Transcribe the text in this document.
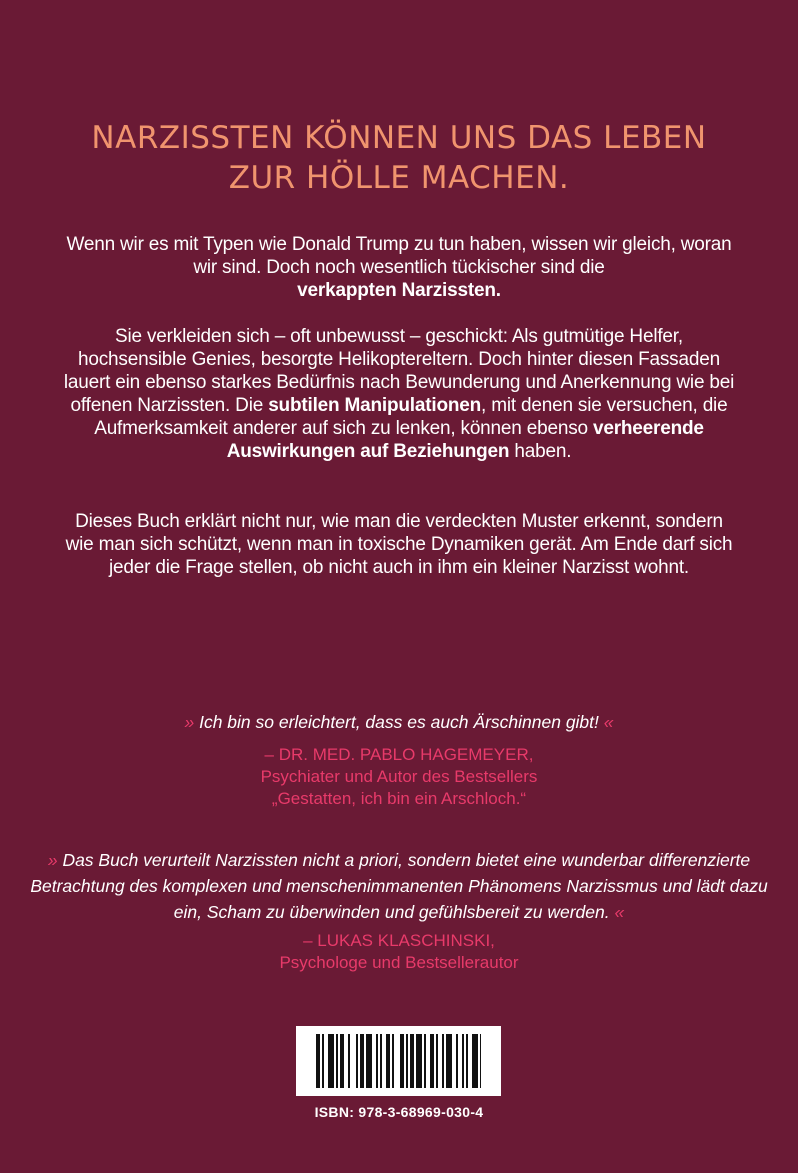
NARZISSTEN KÖNNEN UNS DAS LEBEN
ZUR HÖLLE MACHEN.
Wenn wir es mit Typen wie Donald Trump zu tun haben, wissen wir gleich, woran wir sind. Doch noch wesentlich tückischer sind die
verkappten Narzissten.
Sie verkleiden sich – oft unbewusst – geschickt: Als gutmütige Helfer, hochsensible Genies, besorgte Helikoptereltern. Doch hinter diesen Fassaden lauert ein ebenso starkes Bedürfnis nach Bewunderung und Anerkennung wie bei offenen Narzissten. Die subtilen Manipulationen, mit denen sie versuchen, die Aufmerksamkeit anderer auf sich zu lenken, können ebenso verheerende Auswirkungen auf Beziehungen haben.
Dieses Buch erklärt nicht nur, wie man die verdeckten Muster erkennt, sondern wie man sich schützt, wenn man in toxische Dynamiken gerät. Am Ende darf sich jeder die Frage stellen, ob nicht auch in ihm ein kleiner Narzisst wohnt.
» Ich bin so erleichtert, dass es auch Ärschinnen gibt! «
– DR. MED. PABLO HAGEMEYER,
Psychiater und Autor des Bestsellers
„Gestatten, ich bin ein Arschloch.“
» Das Buch verurteilt Narzissten nicht a priori, sondern bietet eine wunderbar differenzierte Betrachtung des komplexen und menschenimmanenten Phänomens Narzissmus und lädt dazu ein, Scham zu überwinden und gefühlsbereit zu werden. «
– LUKAS KLASCHINSKI,
Psychologe und Bestsellerautor
ISBN: 978-3-68969-030-4
